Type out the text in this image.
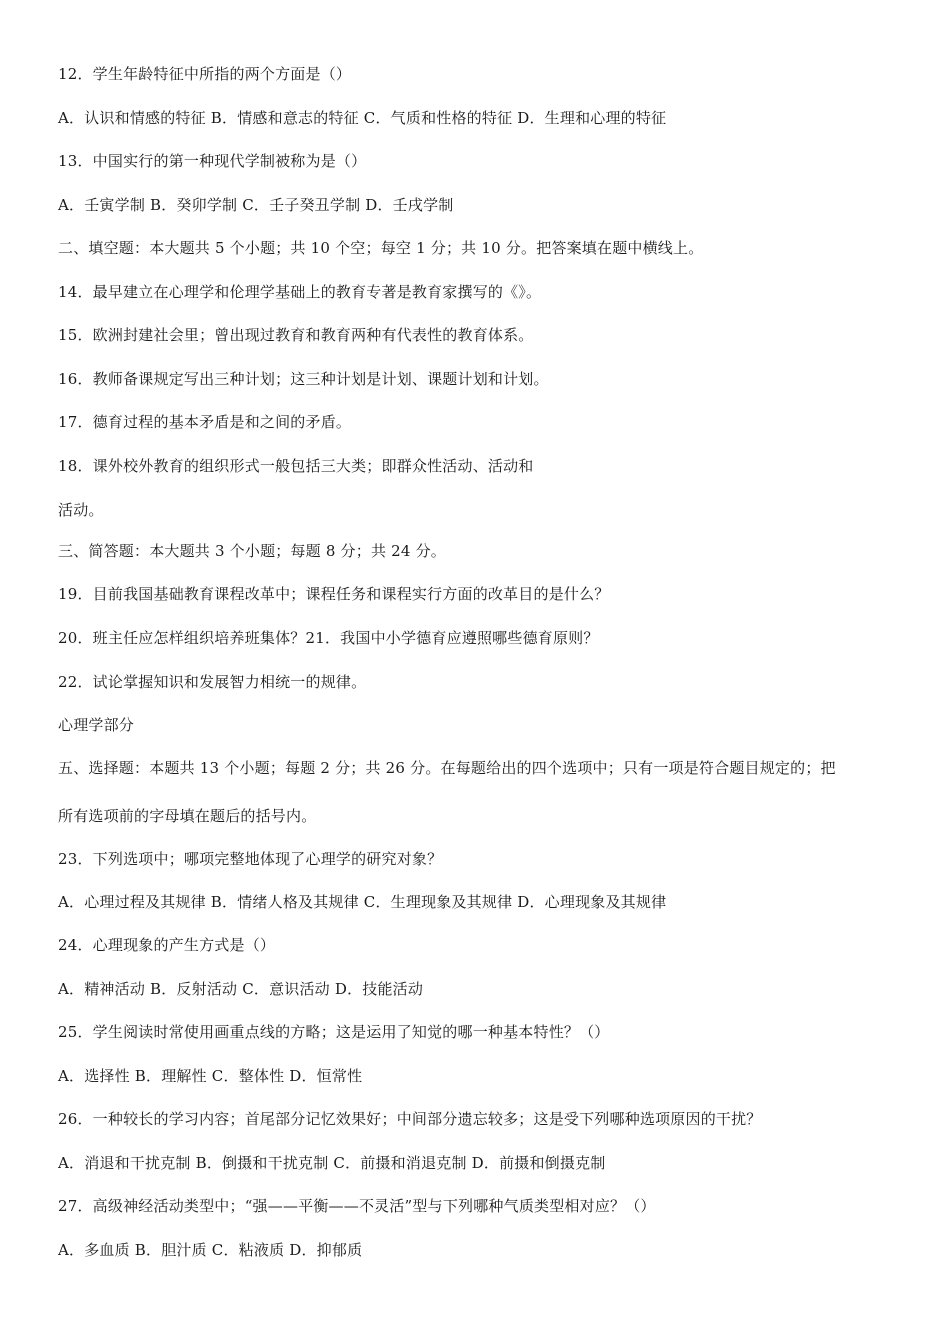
12．学生年龄特征中所指的两个方面是（）
A．认识和情感的特征 B．情感和意志的特征 C．气质和性格的特征 D．生理和心理的特征
13．中国实行的第一种现代学制被称为是（）
A．壬寅学制 B．癸卯学制 C．壬子癸丑学制 D．壬戌学制
二、填空题：本大题共 5 个小题；共 10 个空；每空 1 分；共 10 分。把答案填在题中横线上。
14．最早建立在心理学和伦理学基础上的教育专著是教育家撰写的《》。
15．欧洲封建社会里；曾出现过教育和教育两种有代表性的教育体系。
16．教师备课规定写出三种计划；这三种计划是计划、课题计划和计划。
17．德育过程的基本矛盾是和之间的矛盾。
18．课外校外教育的组织形式一般包括三大类；即群众性活动、活动和
活动。
三、简答题：本大题共 3 个小题；每题 8 分；共 24 分。
19．目前我国基础教育课程改革中；课程任务和课程实行方面的改革目的是什么？
20．班主任应怎样组织培养班集体？21．我国中小学德育应遵照哪些德育原则？
22．试论掌握知识和发展智力相统一的规律。
心理学部分
五、选择题：本题共 13 个小题；每题 2 分；共 26 分。在每题给出的四个选项中；只有一项是符合题目规定的；把
所有选项前的字母填在题后的括号内。
23．下列选项中；哪项完整地体现了心理学的研究对象？
A．心理过程及其规律 B．情绪人格及其规律 C．生理现象及其规律 D．心理现象及其规律
24．心理现象的产生方式是（）
A．精神活动 B．反射活动 C．意识活动 D．技能活动
25．学生阅读时常使用画重点线的方略；这是运用了知觉的哪一种基本特性？（）
A．选择性 B．理解性 C．整体性 D．恒常性
26．一种较长的学习内容；首尾部分记忆效果好；中间部分遗忘较多；这是受下列哪种选项原因的干扰？
A．消退和干扰克制 B．倒摄和干扰克制 C．前摄和消退克制 D．前摄和倒摄克制
27．高级神经活动类型中；“强——平衡——不灵活”型与下列哪种气质类型相对应？（）
A．多血质 B．胆汁质 C．粘液质 D．抑郁质
